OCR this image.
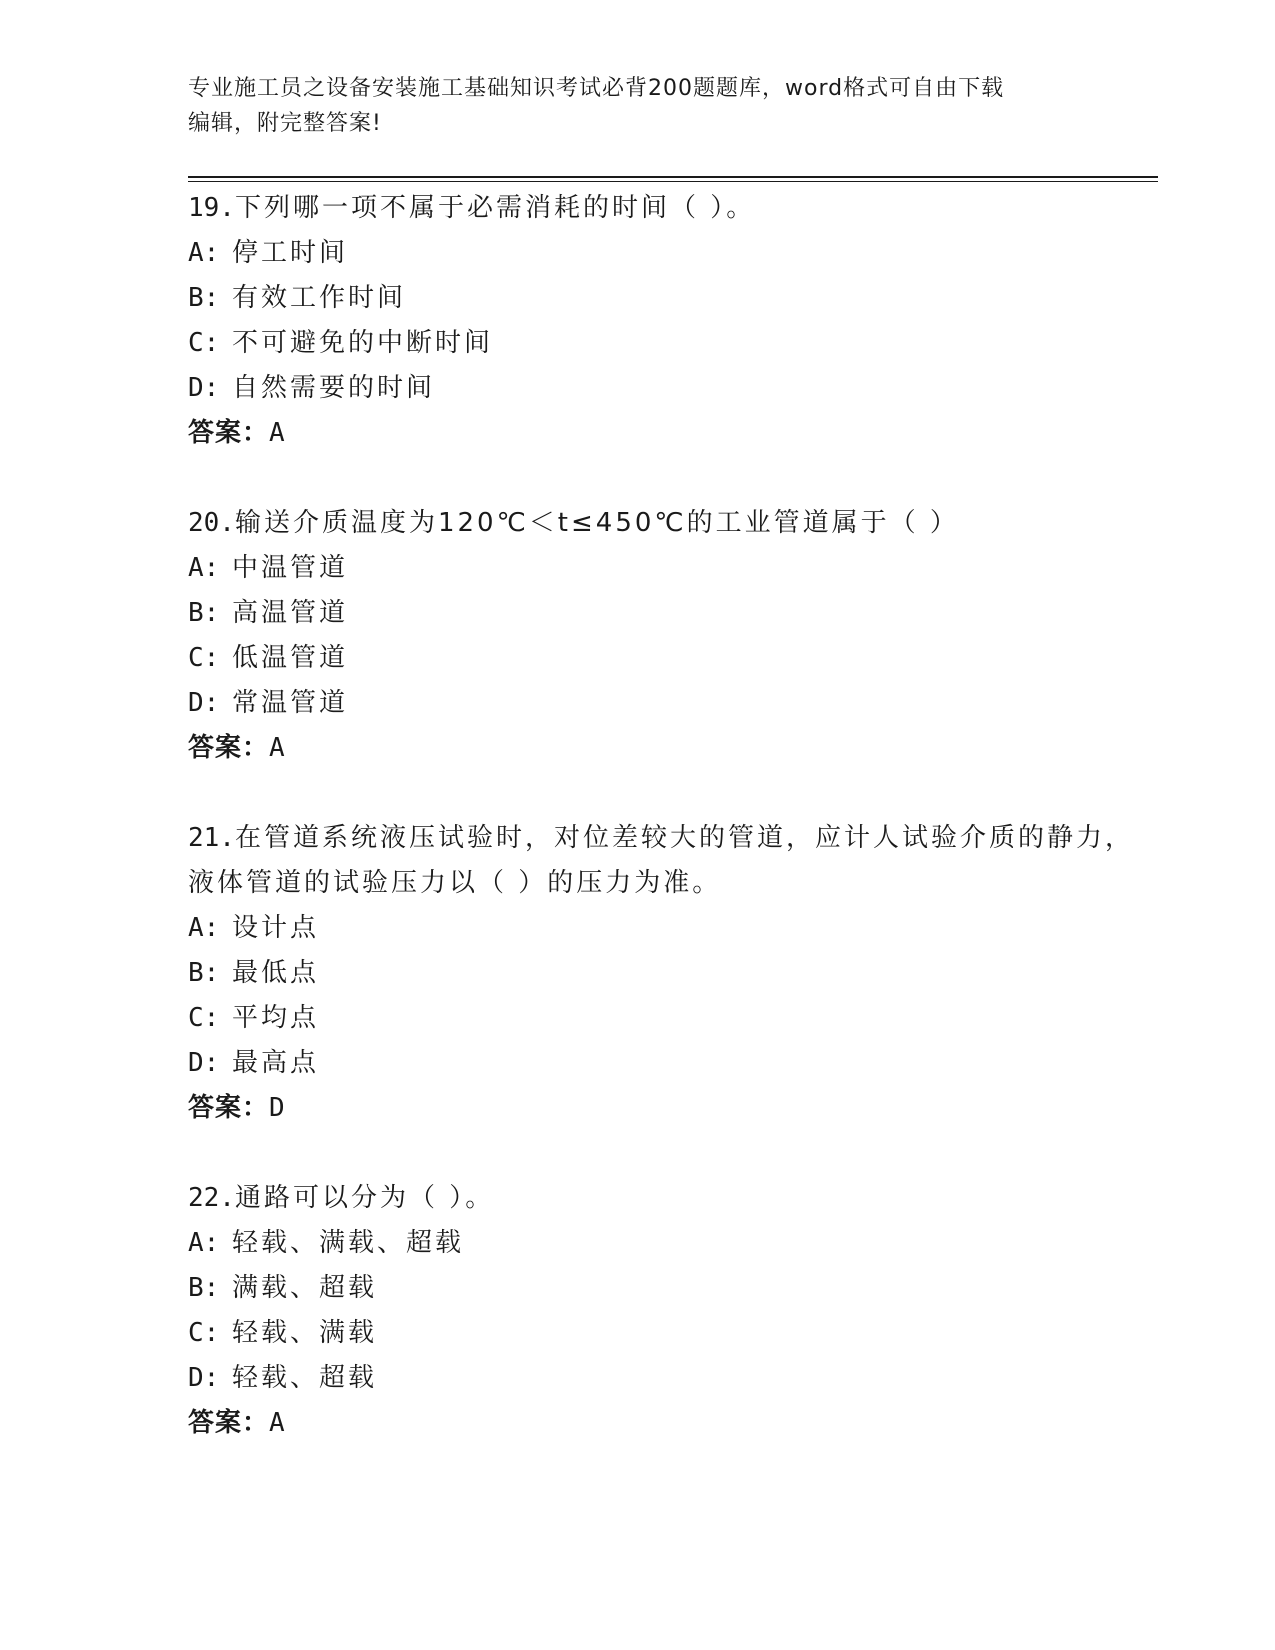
专业施工员之设备安装施工基础知识考试必背200题题库，word格式可自由下载

编辑，附完整答案!

19.下列哪一项不属于必需消耗的时间（ ）。

A: 停工时间

B: 有效工作时间

C: 不可避免的中断时间

D: 自然需要的时间

答案：A

20.输送介质温度为120℃＜t≤450℃的工业管道属于（ ）

A: 中温管道

B: 高温管道

C: 低温管道

D: 常温管道

答案：A

21.在管道系统液压试验时，对位差较大的管道，应计人试验介质的静力，液体管道的试验压力以（ ）的压力为准。

A: 设计点

B: 最低点

C: 平均点

D: 最高点

答案：D

22.通路可以分为（ ）。

A: 轻载、满载、超载

B: 满载、超载

C: 轻载、满载

D: 轻载、超载

答案：A
